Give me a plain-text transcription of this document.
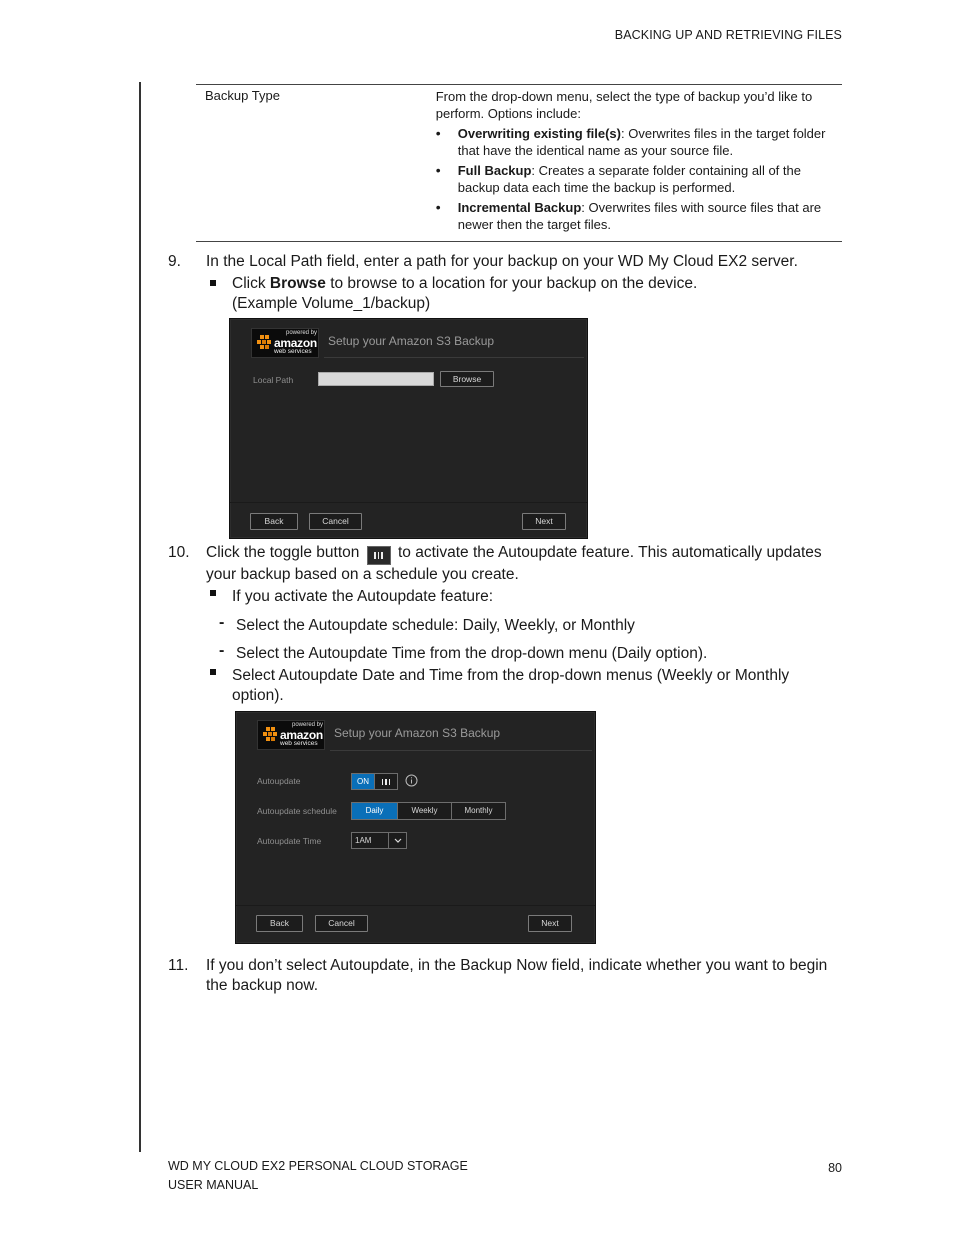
BACKING UP AND RETRIEVING FILES
Backup Type	From the drop-down menu, select the type of backup you’d like to perform. Options include:
• Overwriting existing file(s): Overwrites files in the target folder that have the identical name as your source file.
• Full Backup: Creates a separate folder containing all of the backup data each time the backup is performed.
• Incremental Backup: Overwrites files with source files that are newer then the target files.
9. In the Local Path field, enter a path for your backup on your WD My Cloud EX2 server.
Click Browse to browse to a location for your backup on the device.
(Example Volume_1/backup)
powered by
amazon
web services
Setup your Amazon S3 Backup
Local Path	Browse
Back	Cancel	Next
10. Click the toggle button  to activate the Autoupdate feature. This automatically updates your backup based on a schedule you create.
If you activate the Autoupdate feature:
- Select the Autoupdate schedule: Daily, Weekly, or Monthly
- Select the Autoupdate Time from the drop-down menu (Daily option).
Select Autoupdate Date and Time from the drop-down menus (Weekly or Monthly option).
powered by
amazon
web services
Setup your Amazon S3 Backup
Autoupdate	ON
Autoupdate schedule	Daily	Weekly	Monthly
Autoupdate Time	1AM
Back	Cancel	Next
11. If you don’t select Autoupdate, in the Backup Now field, indicate whether you want to begin the backup now.
WD MY CLOUD EX2 PERSONAL CLOUD STORAGE
USER MANUAL
80
